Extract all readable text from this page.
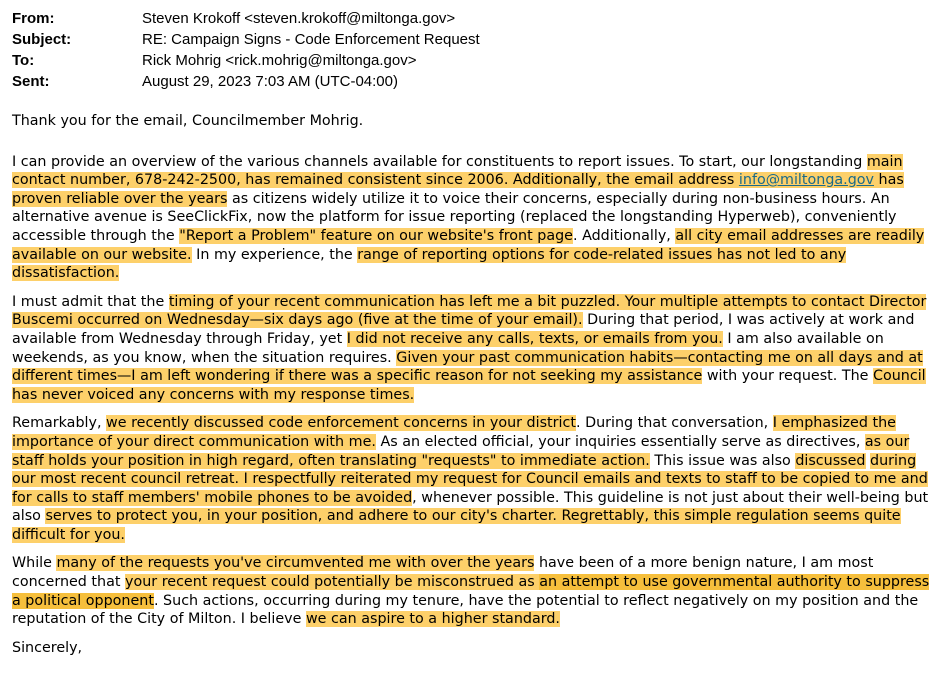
From:	Steven Krokoff <steven.krokoff@miltonga.gov>
Subject:	RE: Campaign Signs - Code Enforcement Request
To:	Rick Mohrig <rick.mohrig@miltonga.gov>
Sent:	August 29, 2023 7:03 AM (UTC-04:00)

Thank you for the email, Councilmember Mohrig.

I can provide an overview of the various channels available for constituents to report issues. To start, our longstanding main contact number, 678-242-2500, has remained consistent since 2006. Additionally, the email address info@miltonga.gov has proven reliable over the years as citizens widely utilize it to voice their concerns, especially during non-business hours. An alternative avenue is SeeClickFix, now the platform for issue reporting (replaced the longstanding Hyperweb), conveniently accessible through the "Report a Problem" feature on our website's front page. Additionally, all city email addresses are readily available on our website. In my experience, the range of reporting options for code-related issues has not led to any dissatisfaction.

I must admit that the timing of your recent communication has left me a bit puzzled. Your multiple attempts to contact Director Buscemi occurred on Wednesday—six days ago (five at the time of your email). During that period, I was actively at work and available from Wednesday through Friday, yet I did not receive any calls, texts, or emails from you. I am also available on weekends, as you know, when the situation requires. Given your past communication habits—contacting me on all days and at different times—I am left wondering if there was a specific reason for not seeking my assistance with your request. The Council has never voiced any concerns with my response times.

Remarkably, we recently discussed code enforcement concerns in your district. During that conversation, I emphasized the importance of your direct communication with me. As an elected official, your inquiries essentially serve as directives, as our staff holds your position in high regard, often translating "requests" to immediate action. This issue was also discussed during our most recent council retreat. I respectfully reiterated my request for Council emails and texts to staff to be copied to me and for calls to staff members' mobile phones to be avoided, whenever possible. This guideline is not just about their well-being but also serves to protect you, in your position, and adhere to our city's charter. Regrettably, this simple regulation seems quite difficult for you.

While many of the requests you've circumvented me with over the years have been of a more benign nature, I am most concerned that your recent request could potentially be misconstrued as an attempt to use governmental authority to suppress a political opponent. Such actions, occurring during my tenure, have the potential to reflect negatively on my position and the reputation of the City of Milton. I believe we can aspire to a higher standard.

Sincerely,
